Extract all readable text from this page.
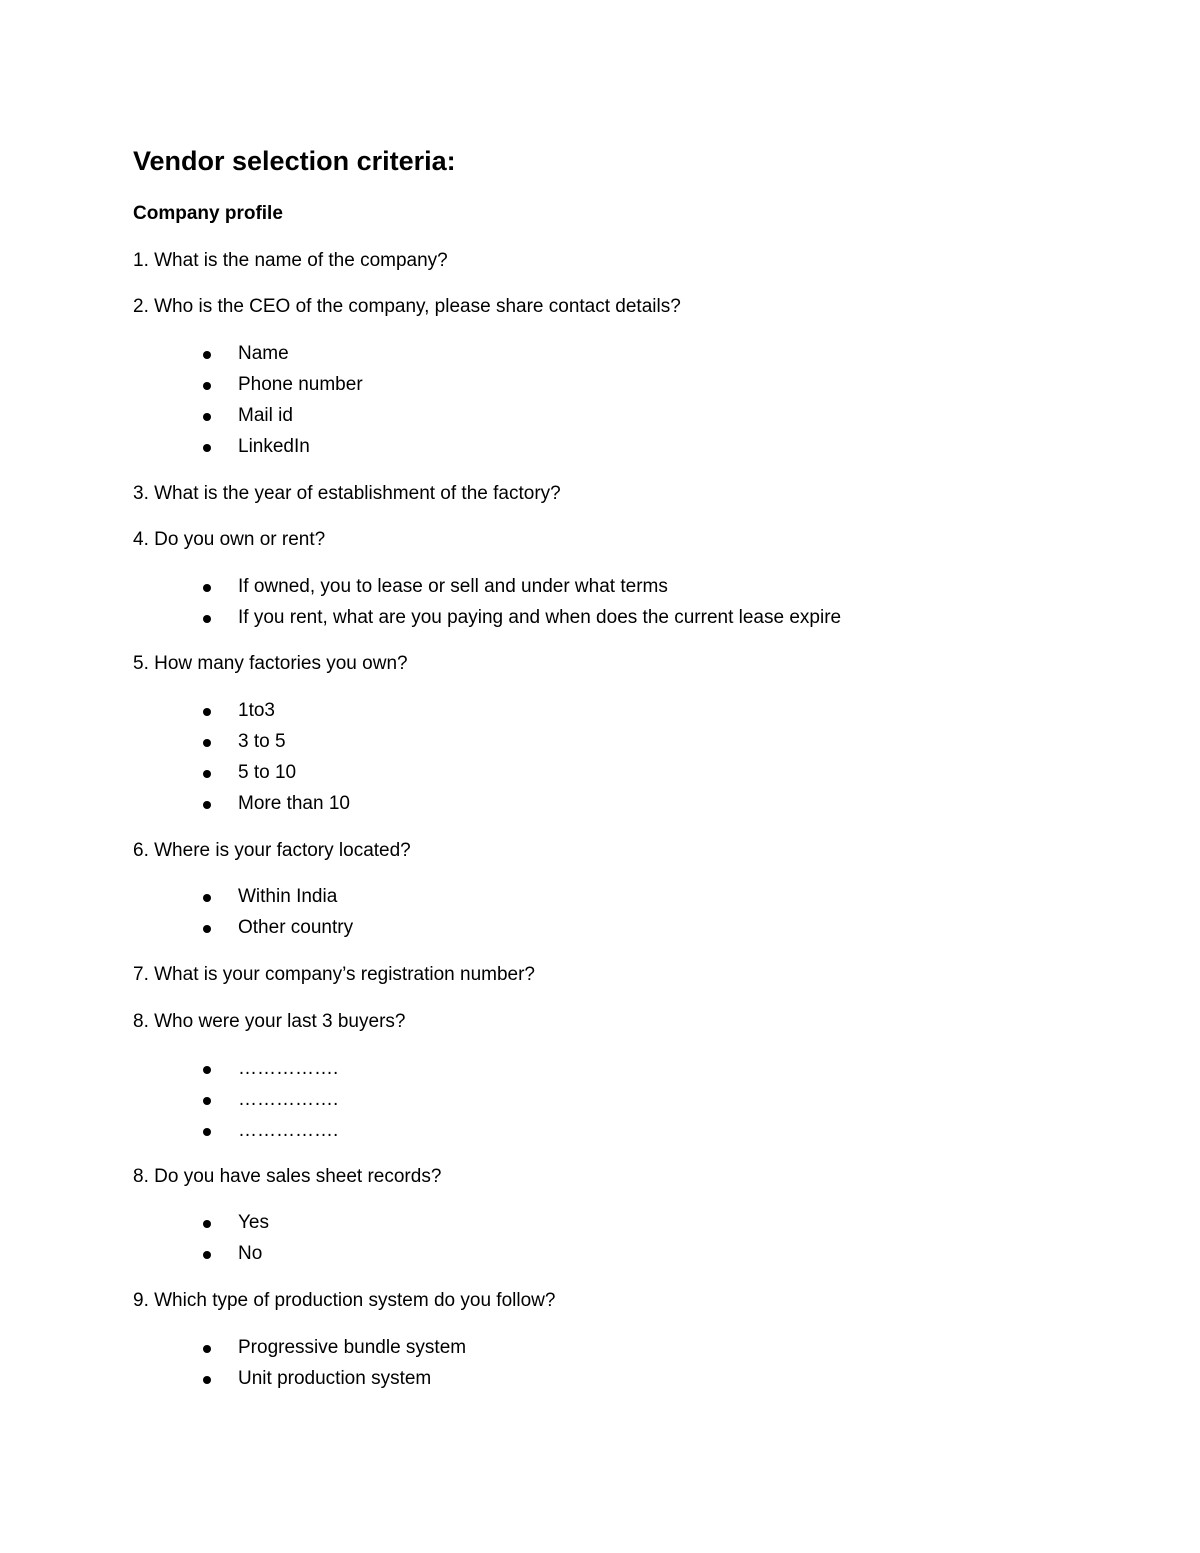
Vendor selection criteria:
Company profile

1. What is the name of the company?

2. Who is the CEO of the company, please share contact details?

Name
Phone number
Mail id
LinkedIn

3. What is the year of establishment of the factory?

4. Do you own or rent?

If owned, you to lease or sell and under what terms
If you rent, what are you paying and when does the current lease expire

5. How many factories you own?

1to3
3 to 5
5 to 10
More than 10

6. Where is your factory located?

Within India
Other country

7. What is your company’s registration number?

8. Who were your last 3 buyers?

…………….
…………….
…………….

8. Do you have sales sheet records?

Yes
No

9. Which type of production system do you follow?

Progressive bundle system
Unit production system
